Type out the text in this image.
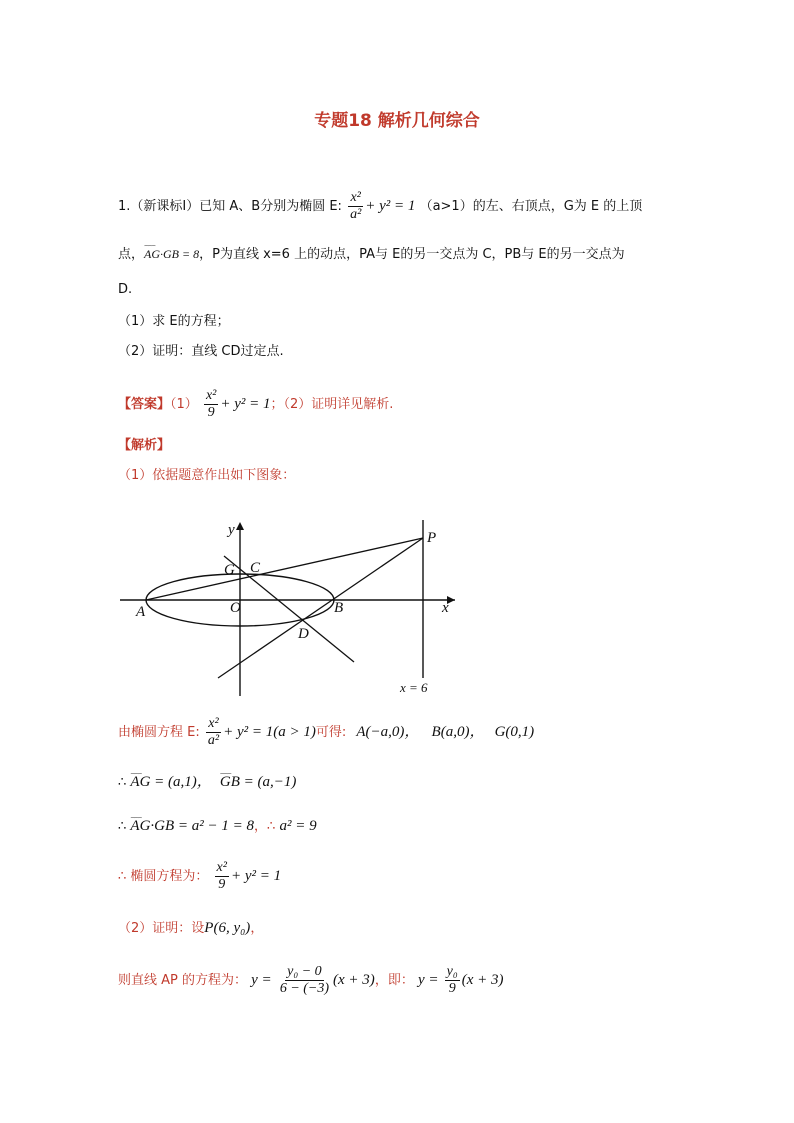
专题18 解析几何综合
1.（新课标Ⅰ）已知 A、B分别为椭圆 E: $\frac{\text{x²}}{\text{a²}} + y^2 = 1$ （a>1）的左、右顶点，G为 E 的上顶
点，⌢⌢⌢ AG·GB = 8，P为直线 x=6 上的动点，PA与 E的另一交点为 C，PB与 E的另一交点为
D.
（1）求 E的方程；
（2）证明：直线 CD过定点.
【答案】$(1) \frac{\text{x²}}{9} + y^2 = 1$；（2）证明详见解析.
【解析】
（1）依据题意作出如下图象：
y
x
O
A	B
C
D
G
P
x = 6
由椭圆方程 E: $\frac{\text{x²}}{\text{a²}} + y^2 = 1(a > 1)$可得: A(−a,0)， B(a,0)， G(0,1)
∴ ⌢⌢⌢ AG = (a,1)， ⌢⌢⌢ GB = (a,−1)
∴ ⌢⌢⌢ AG·GB = a² − 1 = 8，∴ a² = 9
∴ 椭圆方程为： $\frac{\text{x²}}{9} + y^2 = 1$
（2）证明：设P(6, y₀)，
则直线 AP 的方程为： $y = \frac{\text{y₀ − 0}}{6 - (-3)} (x + 3)$，即： $y = \frac{\text{y₀}}{9} (x + 3)$
